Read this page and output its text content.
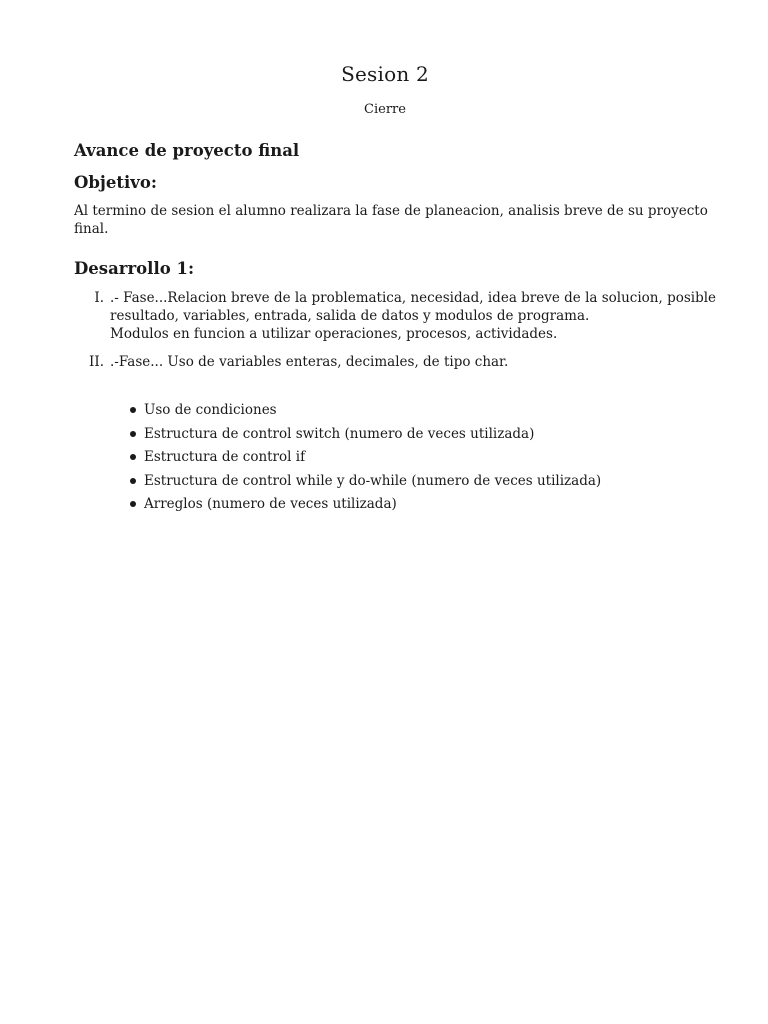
Sesion 2
Cierre
Avance de proyecto final
Objetivo:

Al termino de sesion el alumno realizara la fase de planeacion, analisis breve de su proyecto
final.

Desarrollo 1:
I. .- Fase...Relacion breve de la problematica, necesidad, idea breve de la solucion, posible
resultado, variables, entrada, salida de datos y modulos de programa.
Modulos en funcion a utilizar operaciones, procesos, actividades.
II. .-Fase... Uso de variables enteras, decimales, de tipo char.
Uso de condiciones
Estructura de control switch (numero de veces utilizada)
Estructura de control if
Estructura de control while y do-while (numero de veces utilizada)
Arreglos (numero de veces utilizada)
